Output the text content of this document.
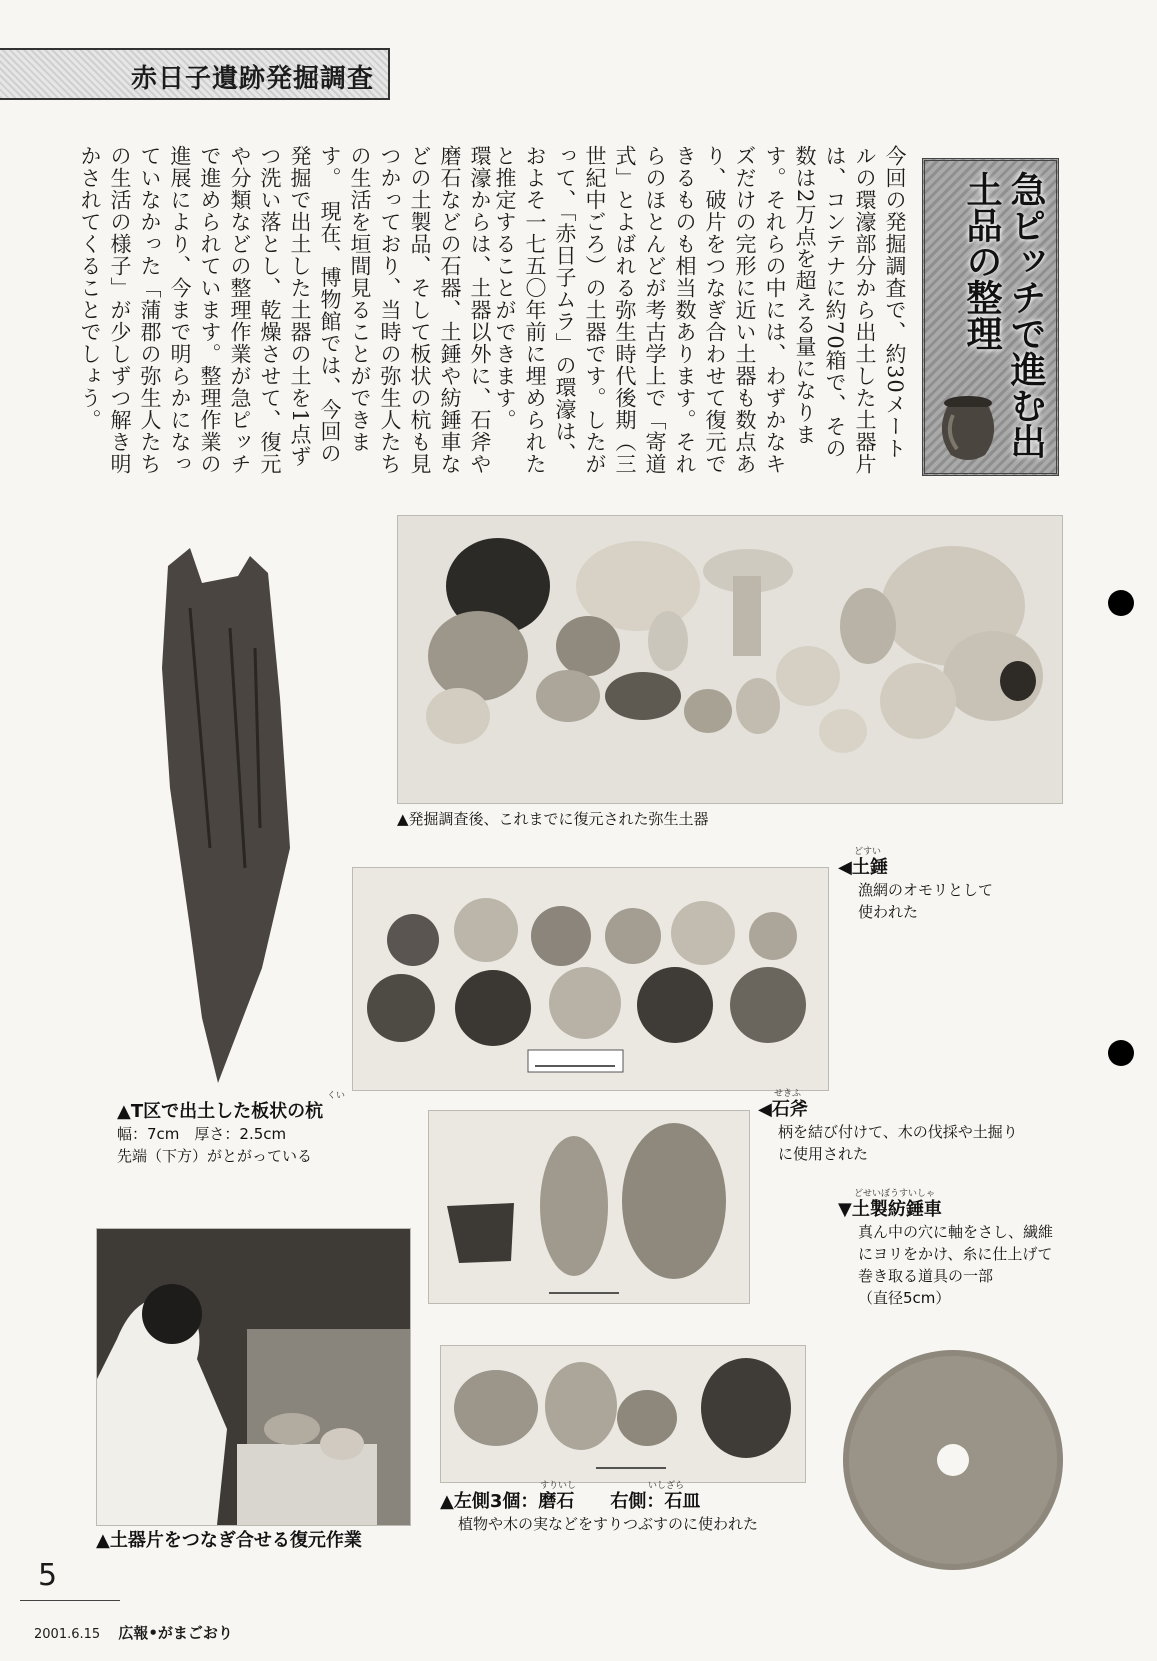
赤日子遺跡発掘調査
急ピッチで進む出土品の整理
今回の発掘調査で、約30メートルの環濠部分から出土した土器片は、コンテナに約70箱で、その数は2万点を超える量になります。それらの中には、わずかなキズだけの完形に近い土器も数点あり、破片をつなぎ合わせて復元できるものも相当数あります。それらのほとんどが考古学上で「寄道式」とよばれる弥生時代後期（三世紀中ごろ）の土器です。したがって、「赤日子ムラ」の環濠は、およそ一七五〇年前に埋められたと推定することができます。
環濠からは、土器以外に、石斧や磨石などの石器、土錘や紡錘車などの土製品、そして板状の杭も見つかっており、当時の弥生人たちの生活を垣間見ることができます。　現在、博物館では、今回の発掘で出土した土器の土を1点ずつ洗い落とし、乾燥させて、復元や分類などの整理作業が急ピッチで進められています。整理作業の進展により、今まで明らかになっていなかった「蒲郡の弥生人たちの生活の様子」が少しずつ解き明かされてくることでしょう。
▲発掘調査後、これまでに復元された弥生土器
くい
▲T区で出土した板状の杭
幅：7cm　厚さ：2.5cm
先端（下方）がとがっている
どすい
◀土錘
漁網のオモリとして
使われた
せきふ
◀石斧
柄を結び付けて、木の伐採や土掘り
に使用された
どせいぼうすいしゃ
▼土製紡錘車
真ん中の穴に軸をさし、繊維
にヨリをかけ、糸に仕上げて
巻き取る道具の一部
（直径5cm）
▲土器片をつなぎ合せる復元作業
すりいし　　　　　　　　いしざら
▲左側3個：磨石　　右側：石皿
植物や木の実などをすりつぶすのに使われた
5
2001.6.15 広報•がまごおり
